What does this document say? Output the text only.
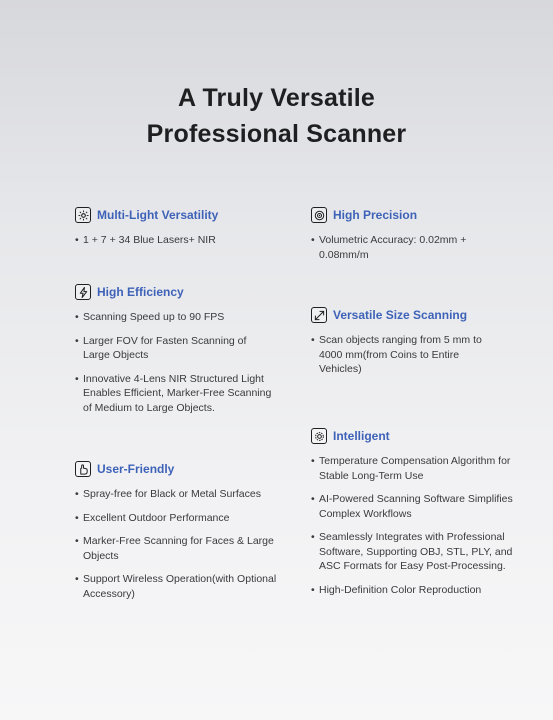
A Truly Versatile
Professional Scanner
Multi-Light Versatility
• 1 + 7 + 34 Blue Lasers+ NIR
High Efficiency
• Scanning Speed up to 90 FPS
• Larger FOV for Fasten Scanning of Large Objects
• Innovative 4-Lens NIR Structured Light Enables Efficient, Marker-Free Scanning of Medium to Large Objects.
User-Friendly
• Spray-free for Black or Metal Surfaces
• Excellent Outdoor Performance
• Marker-Free Scanning for Faces & Large Objects
• Support Wireless Operation(with Optional Accessory)
High Precision
• Volumetric Accuracy: 0.02mm + 0.08mm/m
Versatile Size Scanning
• Scan objects ranging from 5 mm to 4000 mm(from Coins to Entire Vehicles)
Intelligent
• Temperature Compensation Algorithm for Stable Long-Term Use
• AI-Powered Scanning Software Simplifies Complex Workflows
• Seamlessly Integrates with Professional Software, Supporting OBJ, STL, PLY, and ASC Formats for Easy Post-Processing.
• High-Definition Color Reproduction
